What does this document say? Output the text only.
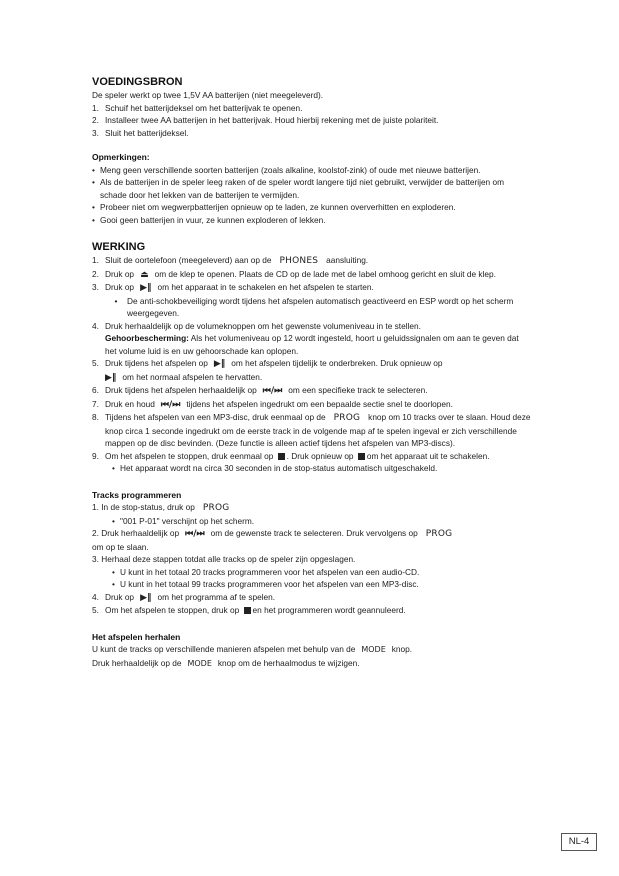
VOEDINGSBRON

De speler werkt op twee 1,5V AA batterijen (niet meegeleverd).

1. Schuif het batterijdeksel om het batterijvak te openen.
2. Installeer twee AA batterijen in het batterijvak. Houd hierbij rekening met de juiste polariteit.
3. Sluit het batterijdeksel.
Opmerkingen:
• Meng geen verschillende soorten batterijen (zoals alkaline, koolstof-zink) of oude met nieuwe batterijen.
• Als de batterijen in de speler leeg raken of de speler wordt langere tijd niet gebruikt, verwijder de batterijen om schade door het lekken van de batterijen te vermijden.
• Probeer niet om wegwerpbatterijen opnieuw op te laden, ze kunnen oververhitten en exploderen.
• Gooi geen batterijen in vuur, ze kunnen exploderen of lekken.
WERKING
1. Sluit de oortelefoon (meegeleverd) aan op de PHONES aansluiting.
2. Druk op ⏏ om de klep te openen. Plaats de CD op de lade met de label omhoog gericht en sluit de klep.
3. Druk op ▶‖ om het apparaat in te schakelen en het afspelen te starten.
•	De anti-schokbeveiliging wordt tijdens het afspelen automatisch geactiveerd en ESP wordt op het scherm weergegeven.
4. Druk herhaaldelijk op de volumeknoppen om het gewenste volumeniveau in te stellen.
Gehoorbescherming: Als het volumeniveau op 12 wordt ingesteld, hoort u geluidssignalen om aan te geven dat het volume luid is en uw gehoorschade kan oplopen.
5. Druk tijdens het afspelen op ▶‖ om het afspelen tijdelijk te onderbreken. Druk opnieuw op
▶‖ om het normaal afspelen te hervatten.
6. Druk tijdens het afspelen herhaaldelijk op ⏮/⏭ om een specifieke track te selecteren.
7. Druk en houd ⏮/⏭ tijdens het afspelen ingedrukt om een bepaalde sectie snel te doorlopen.
8. Tijdens het afspelen van een MP3-disc, druk eenmaal op de PROG knop om 10 tracks over te slaan. Houd deze knop circa 1 seconde ingedrukt om de eerste track in de volgende map af te spelen ingeval er zich verschillende mappen op de disc bevinden. (Deze functie is alleen actief tijdens het afspelen van MP3-discs).
9. Om het afspelen te stoppen, druk eenmaal op . Druk opnieuw op om het apparaat uit te schakelen.
• Het apparaat wordt na circa 30 seconden in de stop-status automatisch uitgeschakeld.
Tracks programmeren

1. In de stop-status, druk op PROG

• "001 P-01" verschijnt op het scherm.

2. Druk herhaaldelijk op ⏮/⏭ om de gewenste track te selecteren. Druk vervolgens op PROG
om op te slaan.

3. Herhaal deze stappen totdat alle tracks op de speler zijn opgeslagen.

• U kunt in het totaal 20 tracks programmeren voor het afspelen van een audio-CD.
• U kunt in het totaal 99 tracks programmeren voor het afspelen van een MP3-disc.
4. Druk op ▶‖ om het programma af te spelen.
5. Om het afspelen te stoppen, druk op en het programmeren wordt geannuleerd.
Het afspelen herhalen

U kunt de tracks op verschillende manieren afspelen met behulp van de MODE knop.

Druk herhaaldelijk op de MODE knop om de herhaalmodus te wijzigen.

NL-4
